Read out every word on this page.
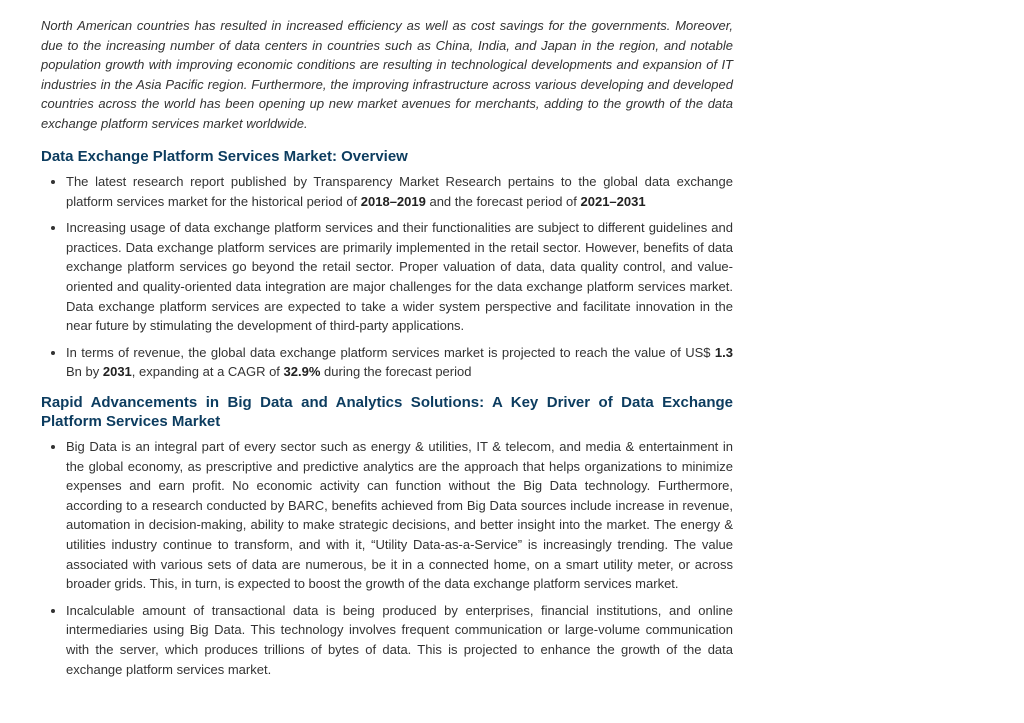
North American countries has resulted in increased efficiency as well as cost savings for the governments. Moreover, due to the increasing number of data centers in countries such as China, India, and Japan in the region, and notable population growth with improving economic conditions are resulting in technological developments and expansion of IT industries in the Asia Pacific region. Furthermore, the improving infrastructure across various developing and developed countries across the world has been opening up new market avenues for merchants, adding to the growth of the data exchange platform services market worldwide.

Data Exchange Platform Services Market: Overview
• The latest research report published by Transparency Market Research pertains to the global data exchange platform services market for the historical period of 2018–2019 and the forecast period of 2021–2031
• Increasing usage of data exchange platform services and their functionalities are subject to different guidelines and practices. Data exchange platform services are primarily implemented in the retail sector. However, benefits of data exchange platform services go beyond the retail sector. Proper valuation of data, data quality control, and value-oriented and quality-oriented data integration are major challenges for the data exchange platform services market. Data exchange platform services are expected to take a wider system perspective and facilitate innovation in the near future by stimulating the development of third-party applications.
• In terms of revenue, the global data exchange platform services market is projected to reach the value of US$ 1.3 Bn by 2031, expanding at a CAGR of 32.9% during the forecast period
Rapid Advancements in Big Data and Analytics Solutions: A Key Driver of Data Exchange Platform Services Market
• Big Data is an integral part of every sector such as energy & utilities, IT & telecom, and media & entertainment in the global economy, as prescriptive and predictive analytics are the approach that helps organizations to minimize expenses and earn profit. No economic activity can function without the Big Data technology. Furthermore, according to a research conducted by BARC, benefits achieved from Big Data sources include increase in revenue, automation in decision-making, ability to make strategic decisions, and better insight into the market. The energy & utilities industry continue to transform, and with it, “Utility Data-as-a-Service” is increasingly trending. The value associated with various sets of data are numerous, be it in a connected home, on a smart utility meter, or across broader grids. This, in turn, is expected to boost the growth of the data exchange platform services market.
• Incalculable amount of transactional data is being produced by enterprises, financial institutions, and online intermediaries using Big Data. This technology involves frequent communication or large-volume communication with the server, which produces trillions of bytes of data. This is projected to enhance the growth of the data exchange platform services market.
